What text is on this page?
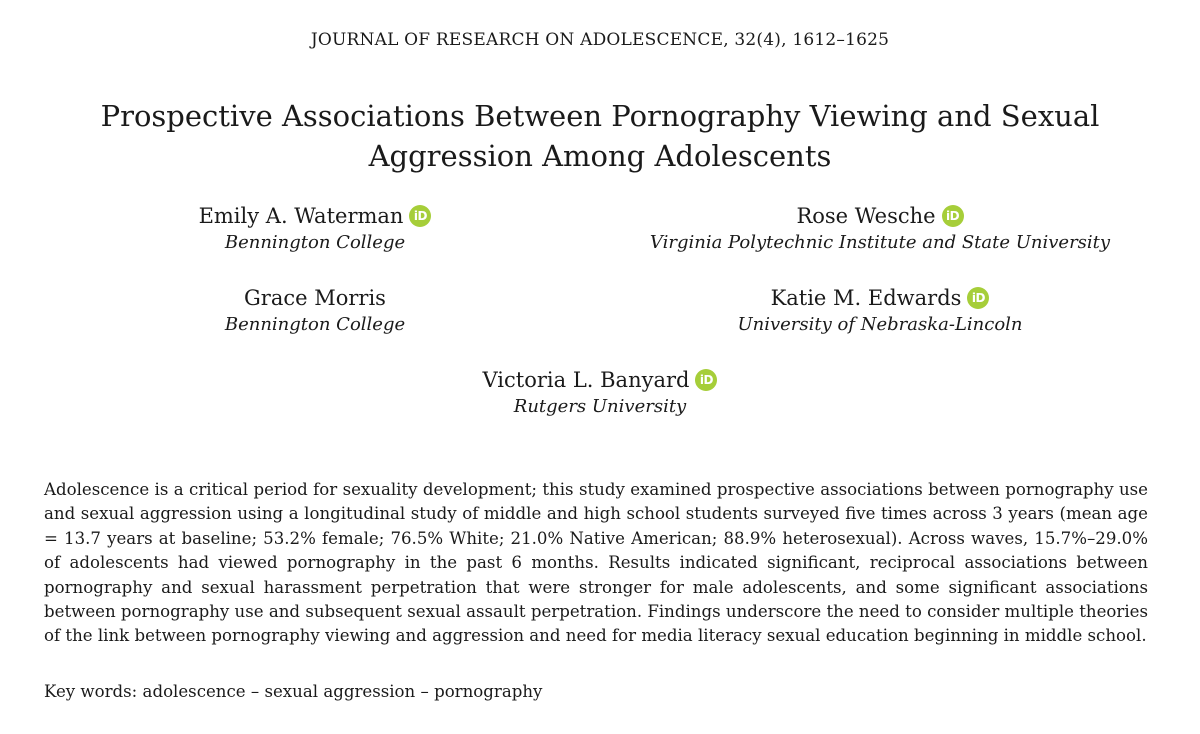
JOURNAL OF RESEARCH ON ADOLESCENCE, 32(4), 1612–1625
Prospective Associations Between Pornography Viewing and Sexual Aggression Among Adolescents
Emily A. Waterman iD
Bennington College
Rose Wesche iD
Virginia Polytechnic Institute and State University
Grace Morris
Bennington College
Katie M. Edwards iD
University of Nebraska-Lincoln
Victoria L. Banyard iD
Rutgers University

Adolescence is a critical period for sexuality development; this study examined prospective associations between pornography use and sexual aggression using a longitudinal study of middle and high school students surveyed five times across 3 years (mean age = 13.7 years at baseline; 53.2% female; 76.5% White; 21.0% Native American; 88.9% heterosexual). Across waves, 15.7%–29.0% of adolescents had viewed pornography in the past 6 months. Results indicated significant, reciprocal associations between pornography and sexual harassment perpetration that were stronger for male adolescents, and some significant associations between pornography use and subsequent sexual assault perpetration. Findings underscore the need to consider multiple theories of the link between pornography viewing and aggression and need for media literacy sexual education beginning in middle school.

Key words: adolescence – sexual aggression – pornography
